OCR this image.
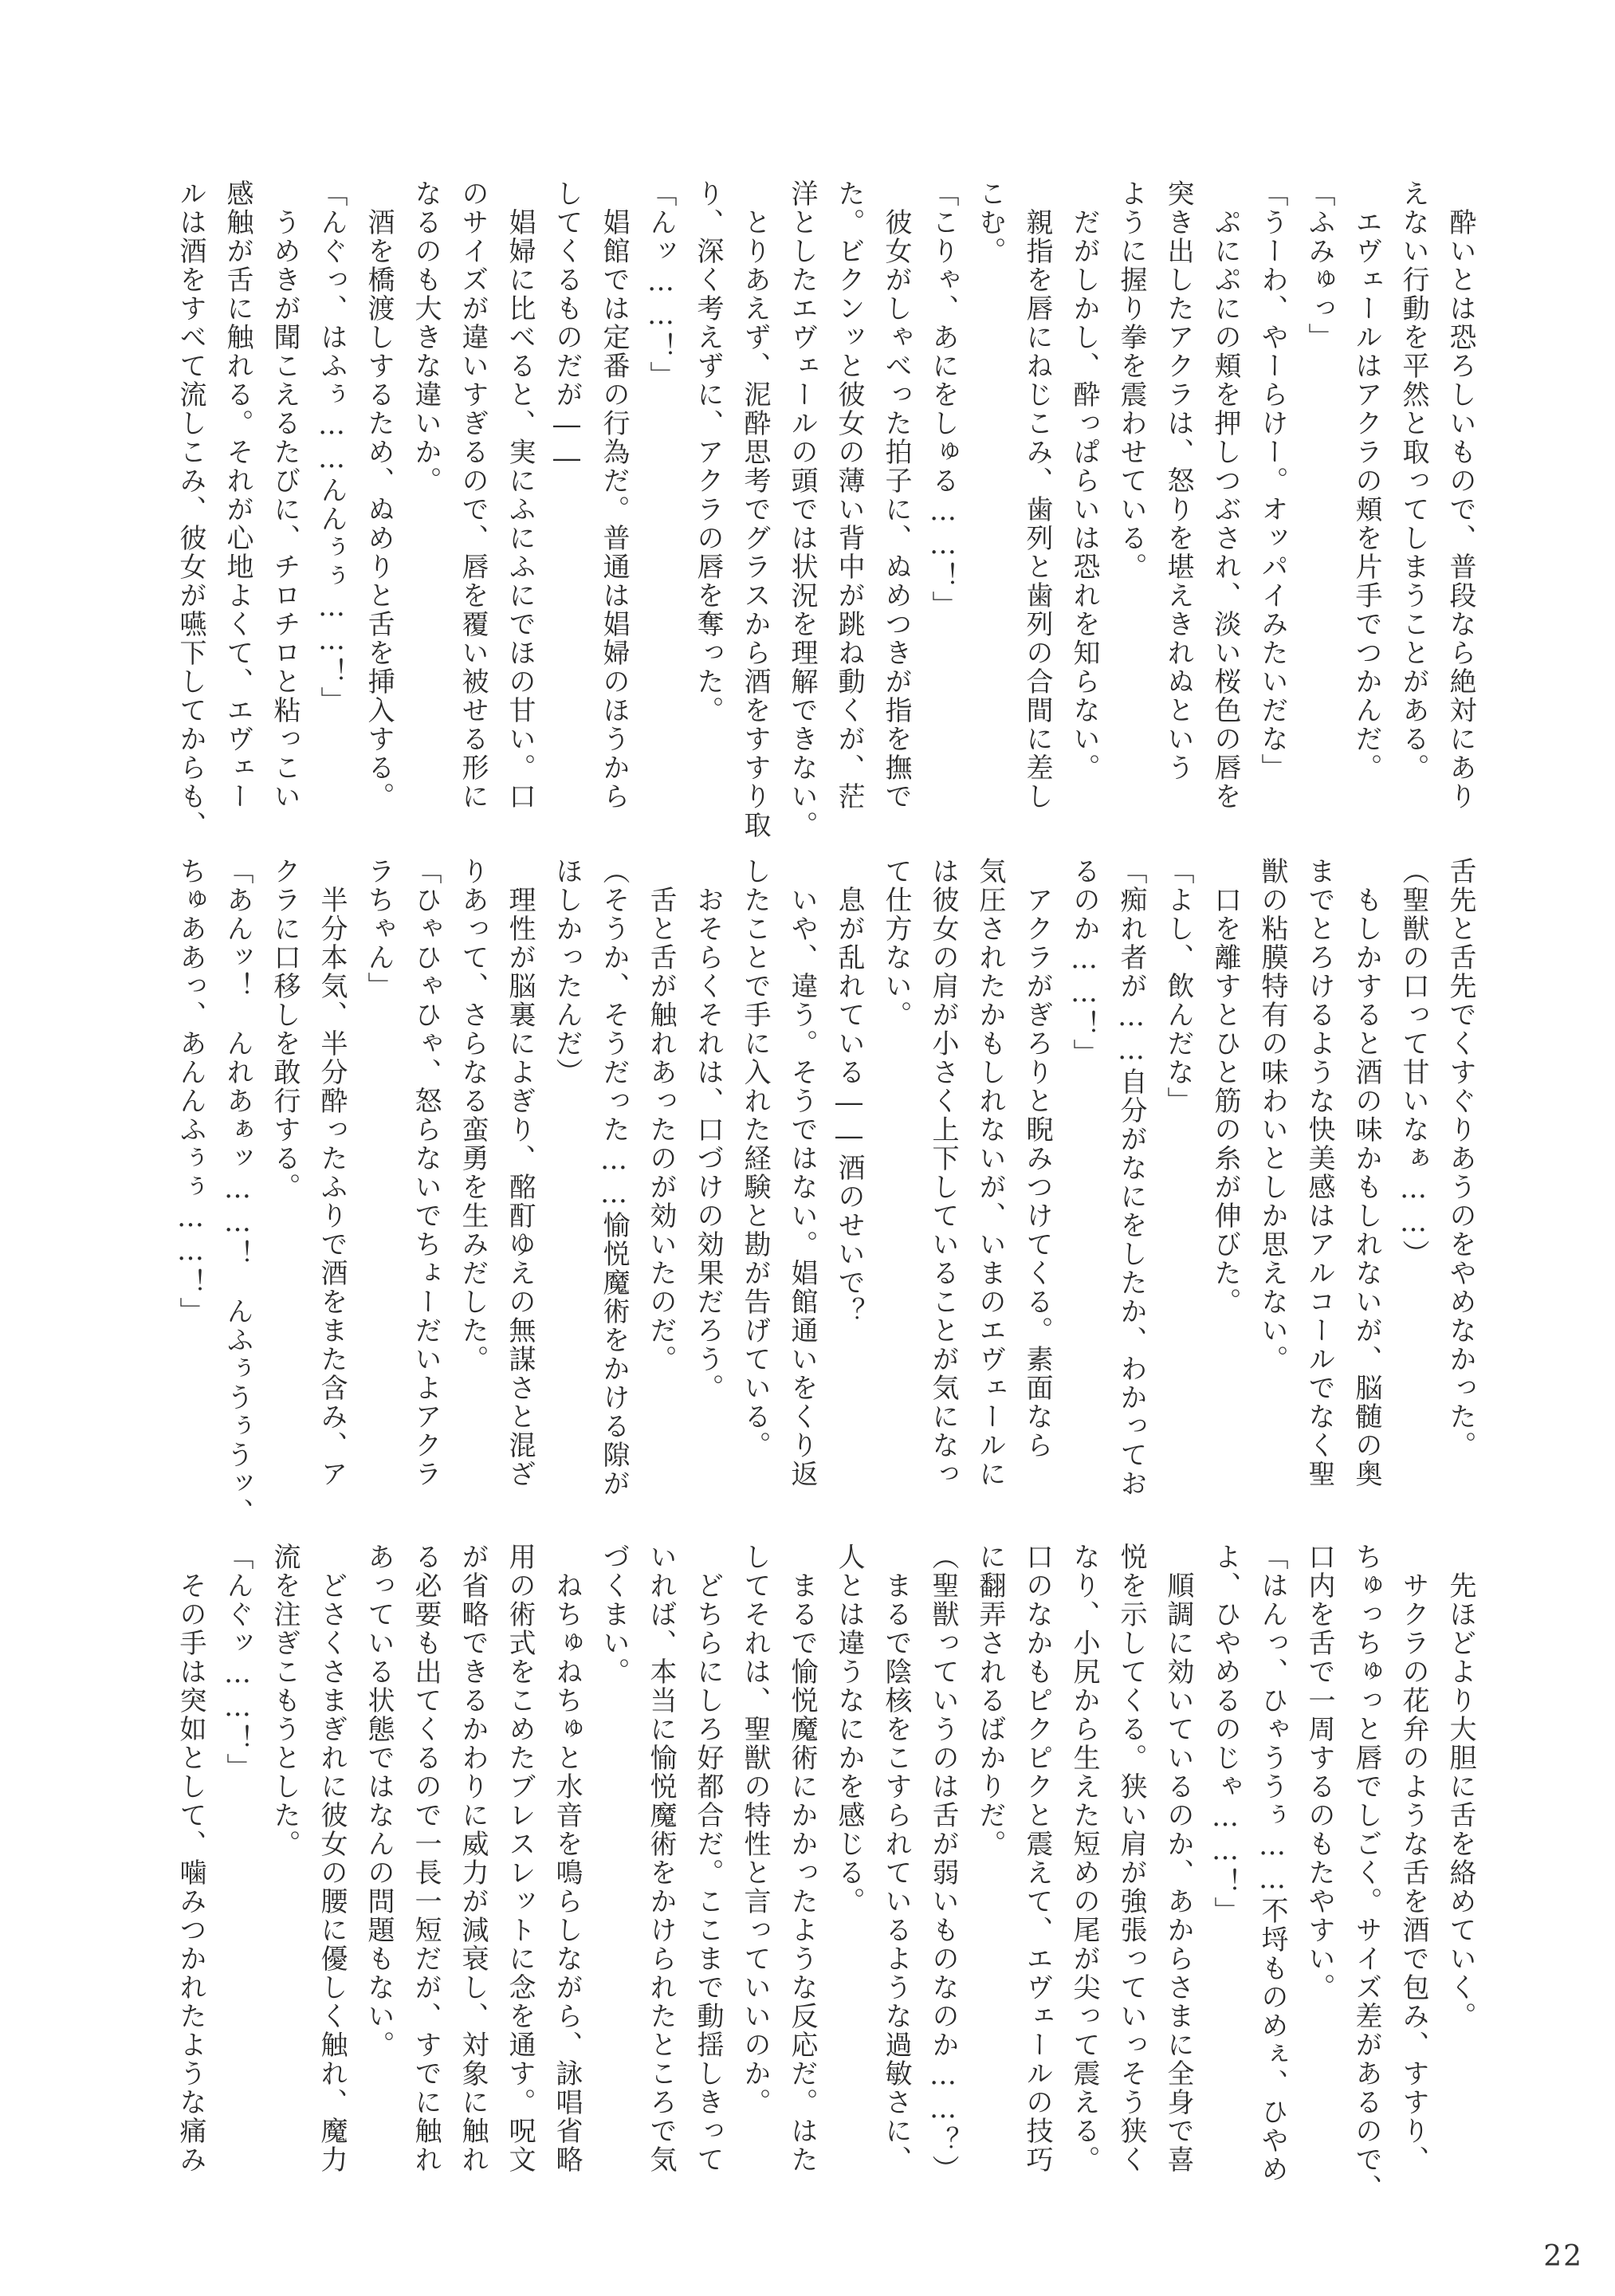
　酔いとは恐ろしいもので、普段なら絶対にあり
えない行動を平然と取ってしまうことがある。
　エヴェールはアクラの頬を片手でつかんだ。
「ふみゅっ」
「うーわ、やーらけー。オッパイみたいだな」
　ぷにぷにの頬を押しつぶされ、淡い桜色の唇を
突き出したアクラは、怒りを堪えきれぬという
ように握り拳を震わせている。
　だがしかし、酔っぱらいは恐れを知らない。
　親指を唇にねじこみ、歯列と歯列の合間に差し
こむ。
「こりゃ、あにをしゅる……！」
　彼女がしゃべった拍子に、ぬめつきが指を撫で
た。ビクンッと彼女の薄い背中が跳ね動くが、茫
洋としたエヴェールの頭では状況を理解できない。
　とりあえず、泥酔思考でグラスから酒をすすり取
り、深く考えずに、アクラの唇を奪った。
「んッ……！」
　娼館では定番の行為だ。普通は娼婦のほうから
してくるものだが――
　娼婦に比べると、実にふにふにでほの甘い。口
のサイズが違いすぎるので、唇を覆い被せる形に
なるのも大きな違いか。
　酒を橋渡しするため、ぬめりと舌を挿入する。
「んぐっ、はふぅ……んんぅぅ……！」
　うめきが聞こえるたびに、チロチロと粘っこい
感触が舌に触れる。それが心地よくて、エヴェー
ルは酒をすべて流しこみ、彼女が嚥下してからも、
舌先と舌先でくすぐりあうのをやめなかった。
（聖獣の口って甘いなぁ……）
　もしかすると酒の味かもしれないが、脳髄の奥
までとろけるような快美感はアルコールでなく聖
獣の粘膜特有の味わいとしか思えない。
　口を離すとひと筋の糸が伸びた。
「よし、飲んだな」
「痴れ者が……自分がなにをしたか、わかってお
るのか……！」
　アクラがぎろりと睨みつけてくる。素面なら
気圧されたかもしれないが、いまのエヴェールに
は彼女の肩が小さく上下していることが気になっ
て仕方ない。
　息が乱れている――酒のせいで？
　いや、違う。そうではない。娼館通いをくり返
したことで手に入れた経験と勘が告げている。
　おそらくそれは、口づけの効果だろう。
　舌と舌が触れあったのが効いたのだ。
（そうか、そうだった……愉悦魔術をかける隙が
ほしかったんだ）
　理性が脳裏によぎり、酩酊ゆえの無謀さと混ざ
りあって、さらなる蛮勇を生みだした。
「ひゃひゃひゃ、怒らないでちょーだいよアクラ
ラちゃん」
　半分本気、半分酔ったふりで酒をまた含み、ア
クラに口移しを敢行する。
「あんッ！　んれあぁッ……！　んふぅうぅうッ、
ちゅああっ、あんんふぅぅ……！」
　先ほどより大胆に舌を絡めていく。
　サクラの花弁のような舌を酒で包み、すすり、
ちゅっちゅっと唇でしごく。サイズ差があるので、
口内を舌で一周するのもたやすい。
「はんっ、ひゃううぅ……不埒ものめぇ、ひやめ
よ、ひやめるのじゃ……！」
　順調に効いているのか、あからさまに全身で喜
悦を示してくる。狭い肩が強張っていっそう狭く
なり、小尻から生えた短めの尾が尖って震える。
口のなかもピクピクと震えて、エヴェールの技巧
に翻弄されるばかりだ。
（聖獣っていうのは舌が弱いものなのか……？）
　まるで陰核をこすられているような過敏さに、
人とは違うなにかを感じる。
　まるで愉悦魔術にかかったような反応だ。はた
してそれは、聖獣の特性と言っていいのか。
　どちらにしろ好都合だ。ここまで動揺しきって
いれば、本当に愉悦魔術をかけられたところで気
づくまい。
　ねちゅねちゅと水音を鳴らしながら、詠唱省略
用の術式をこめたブレスレットに念を通す。呪文
が省略できるかわりに威力が減衰し、対象に触れ
る必要も出てくるので一長一短だが、すでに触れ
あっている状態ではなんの問題もない。
　どさくさまぎれに彼女の腰に優しく触れ、魔力
流を注ぎこもうとした。
「んぐッ……！」
　その手は突如として、噛みつかれたような痛み
22
